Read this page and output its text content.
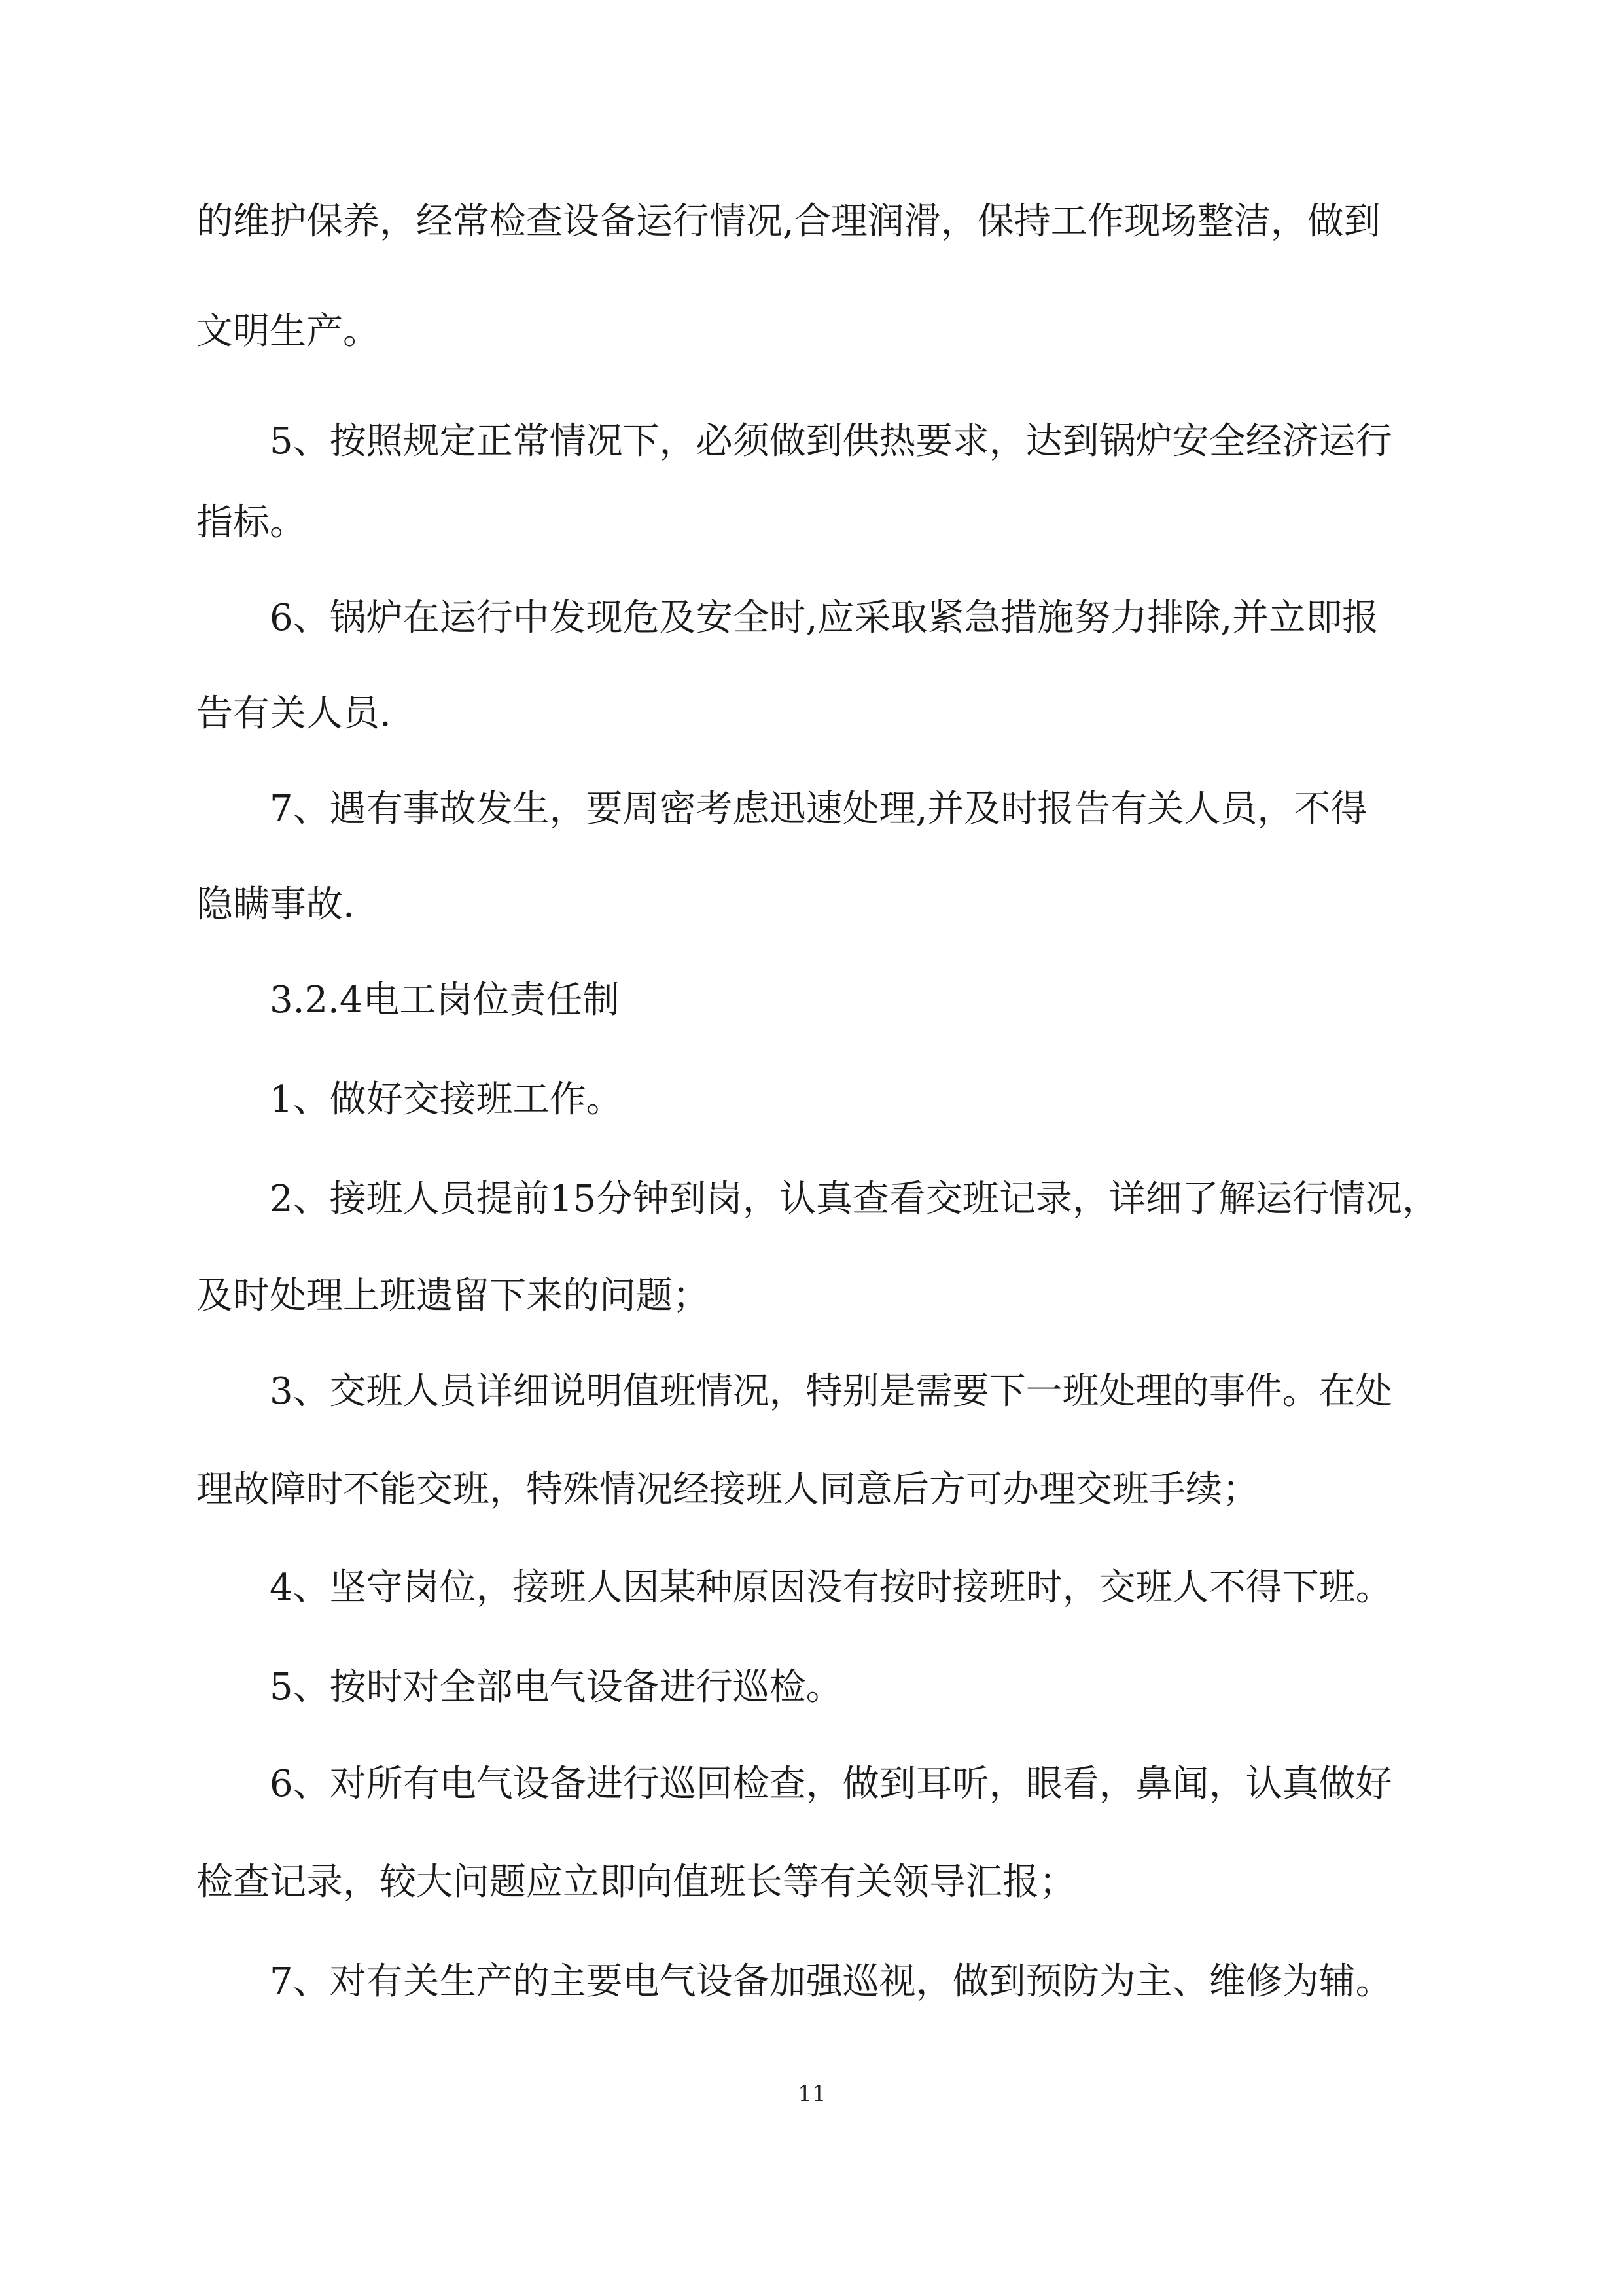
的维护保养，经常检查设备运行情况,合理润滑，保持工作现场整洁，做到
文明生产。
5、按照规定正常情况下，必须做到供热要求，达到锅炉安全经济运行
指标。
6、锅炉在运行中发现危及安全时,应采取紧急措施努力排除,并立即报
告有关人员.
7、遇有事故发生，要周密考虑迅速处理,并及时报告有关人员，不得
隐瞒事故.
3.2.4电工岗位责任制
1、做好交接班工作。
2、接班人员提前15分钟到岗，认真查看交班记录，详细了解运行情况，
及时处理上班遗留下来的问题；
3、交班人员详细说明值班情况，特别是需要下一班处理的事件。在处
理故障时不能交班，特殊情况经接班人同意后方可办理交班手续；
4、坚守岗位，接班人因某种原因没有按时接班时，交班人不得下班。
5、按时对全部电气设备进行巡检。
6、对所有电气设备进行巡回检查，做到耳听，眼看，鼻闻，认真做好
检查记录，较大问题应立即向值班长等有关领导汇报；
7、对有关生产的主要电气设备加强巡视，做到预防为主、维修为辅。
11
